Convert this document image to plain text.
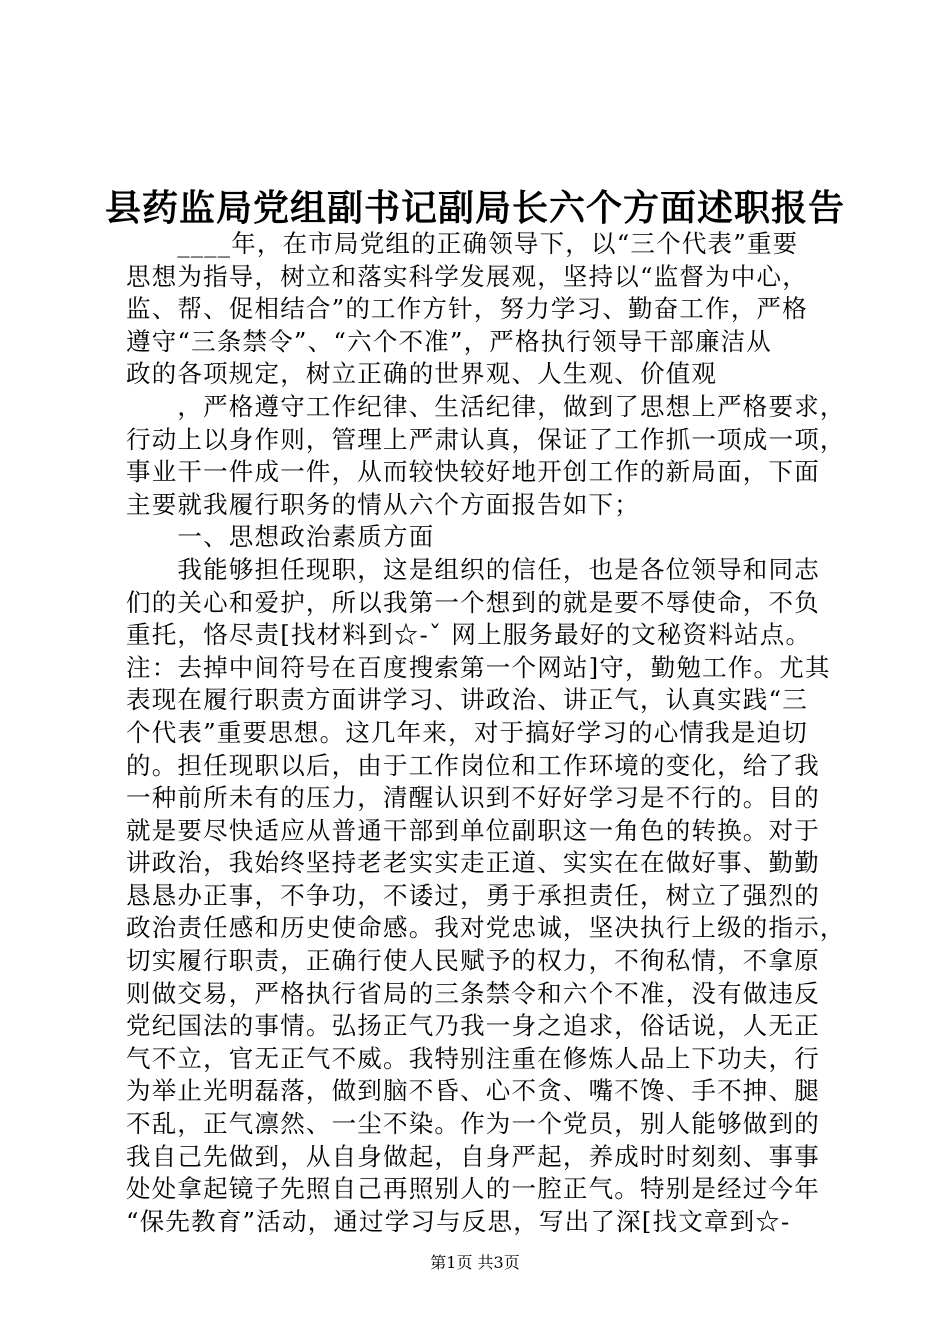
县药监局党组副书记副局长六个方面述职报告
　　____年，在市局党组的正确领导下，以“三个代表”重要
思想为指导，树立和落实科学发展观，坚持以“监督为中心，
监、帮、促相结合”的工作方针，努力学习、勤奋工作，严格
遵守“三条禁令”、“六个不准”，严格执行领导干部廉洁从
政的各项规定，树立正确的世界观、人生观、价值观
　　，严格遵守工作纪律、生活纪律，做到了思想上严格要求，
行动上以身作则，管理上严肃认真，保证了工作抓一项成一项，
事业干一件成一件，从而较快较好地开创工作的新局面，下面
主要就我履行职务的情从六个方面报告如下；
　　一、思想政治素质方面
　　我能够担任现职，这是组织的信任，也是各位领导和同志
们的关心和爱护，所以我第一个想到的就是要不辱使命，不负
重托，恪尽责[找材料到☆-ˇ 网上服务最好的文秘资料站点。
注：去掉中间符号在百度搜索第一个网站]守，勤勉工作。尤其
表现在履行职责方面讲学习、讲政治、讲正气，认真实践“三
个代表”重要思想。这几年来，对于搞好学习的心情我是迫切
的。担任现职以后，由于工作岗位和工作环境的变化，给了我
一种前所未有的压力，清醒认识到不好好学习是不行的。目的
就是要尽快适应从普通干部到单位副职这一角色的转换。对于
讲政治，我始终坚持老老实实走正道、实实在在做好事、勤勤
恳恳办正事，不争功，不诿过，勇于承担责任，树立了强烈的
政治责任感和历史使命感。我对党忠诚，坚决执行上级的指示，
切实履行职责，正确行使人民赋予的权力，不徇私情，不拿原
则做交易，严格执行省局的三条禁令和六个不准，没有做违反
党纪国法的事情。弘扬正气乃我一身之追求，俗话说，人无正
气不立，官无正气不威。我特别注重在修炼人品上下功夫，行
为举止光明磊落，做到脑不昏、心不贪、嘴不馋、手不抻、腿
不乱，正气凛然、一尘不染。作为一个党员，别人能够做到的
我自己先做到，从自身做起，自身严起，养成时时刻刻、事事
处处拿起镜子先照自己再照别人的一腔正气。特别是经过今年
“保先教育”活动，通过学习与反思，写出了深[找文章到☆-
第1页 共3页
